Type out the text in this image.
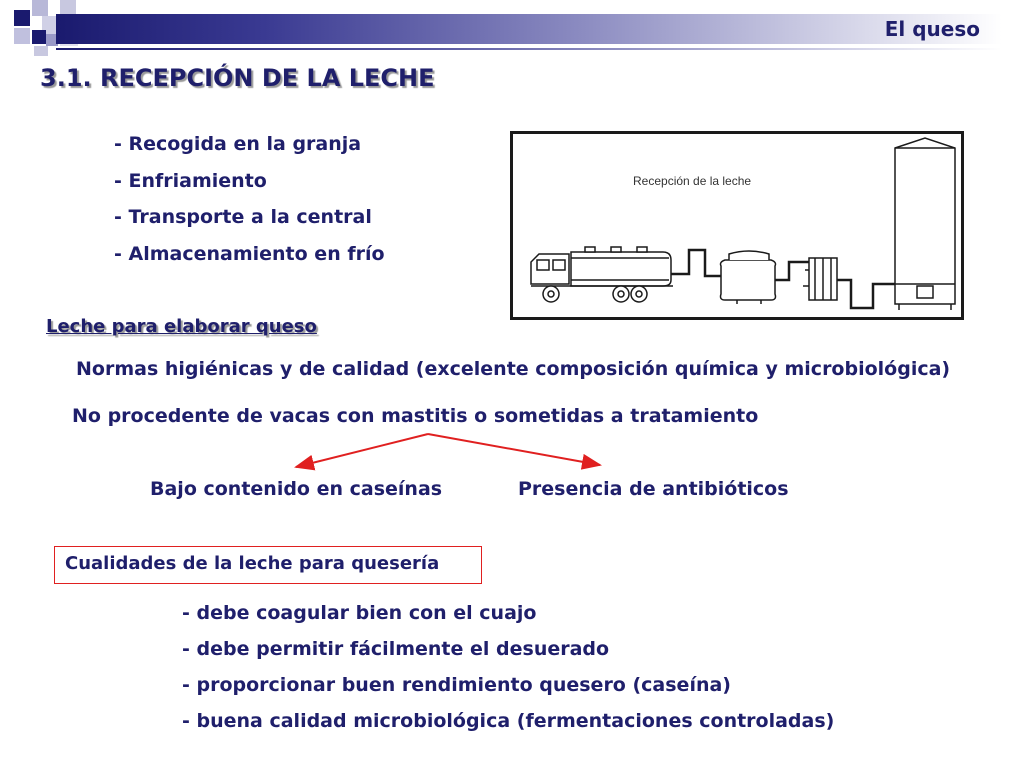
El queso
3.1. RECEPCIÓN DE LA LECHE
- Recogida en la granja
- Enfriamiento
- Transporte a la central
- Almacenamiento en frío
Recepción de la leche
Leche para elaborar queso
Normas higiénicas y de calidad (excelente composición química y microbiológica)
No procedente de vacas con mastitis o sometidas a tratamiento
Bajo contenido en caseínas	Presencia de antibióticos
Cualidades de la leche para quesería
- debe coagular bien con el cuajo
- debe permitir fácilmente el desuerado
- proporcionar buen rendimiento quesero (caseína)
- buena calidad microbiológica (fermentaciones controladas)
